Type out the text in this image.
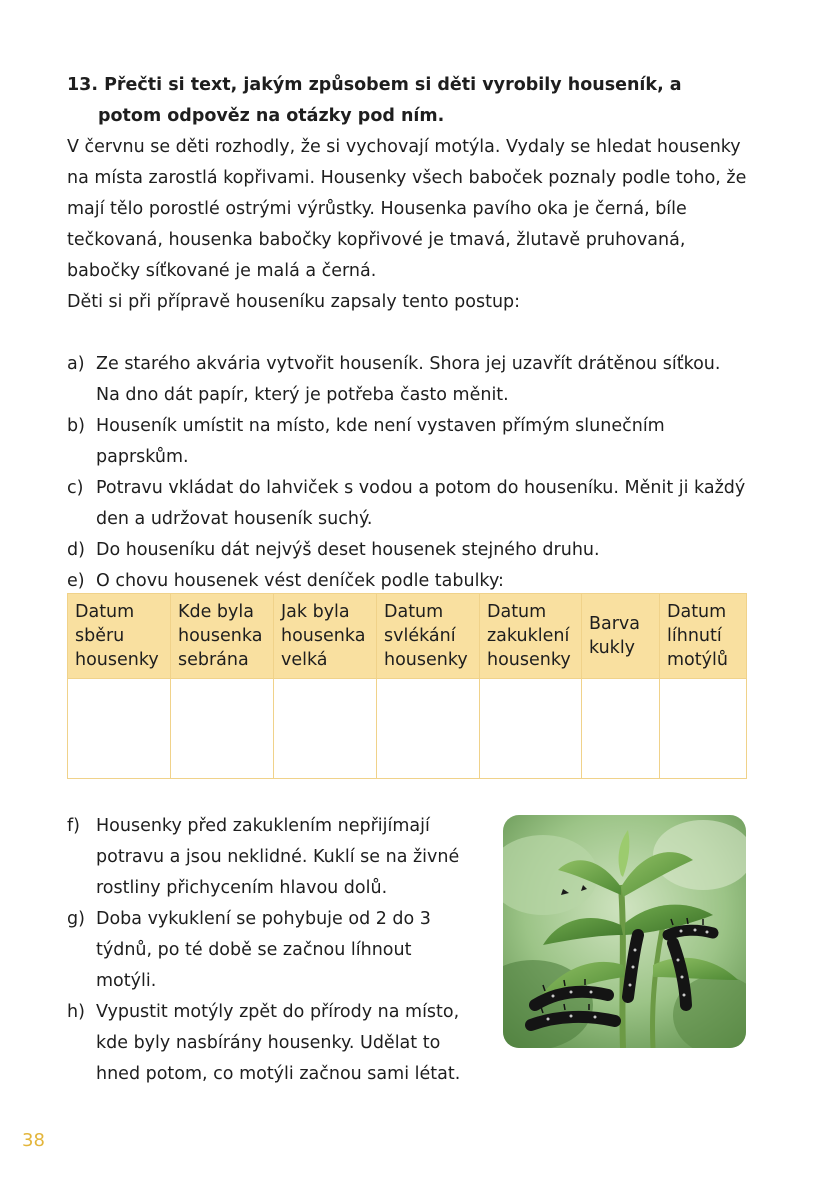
13. Přečti si text, jakým způsobem si děti vyrobily houseník, a potom odpověz na otázky pod ním.

V červnu se děti rozhodly, že si vychovají motýla. Vydaly se hledat housenky na místa zarostlá kopřivami. Housenky všech baboček poznaly podle toho, že mají tělo porostlé ostrými výrůstky. Housenka pavího oka je černá, bíle tečkovaná, housenka babočky kopřivové je tmavá, žlutavě pruhovaná, babočky síťkované je malá a černá.

Děti si při přípravě houseníku zapsaly tento postup:

a) Ze starého akvária vytvořit houseník. Shora jej uzavřít drátěnou síťkou. Na dno dát papír, který je potřeba často měnit.

b) Houseník umístit na místo, kde není vystaven přímým slunečním paprskům.

c) Potravu vkládat do lahviček s vodou a potom do houseníku. Měnit ji každý den a udržovat houseník suchý.

d) Do houseníku dát nejvýš deset housenek stejného druhu.

e) O chovu housenek vést deníček podle tabulky:

Datum sběru housenky	Kde byla housenka sebrána	Jak byla housenka velká	Datum svlékání housenky	Datum zakuklení housenky	Barva kukly	Datum líhnutí motýlů

f) Housenky před zakuklením nepřijímají potravu a jsou neklidné. Kuklí se na živné rostliny přichycením hlavou dolů.

g) Doba vykuklení se pohybuje od 2 do 3 týdnů, po té době se začnou líhnout motýli.

h) Vypustit motýly zpět do přírody na místo, kde byly nasbírány housenky. Udělat to hned potom, co motýli začnou sami létat.

38
